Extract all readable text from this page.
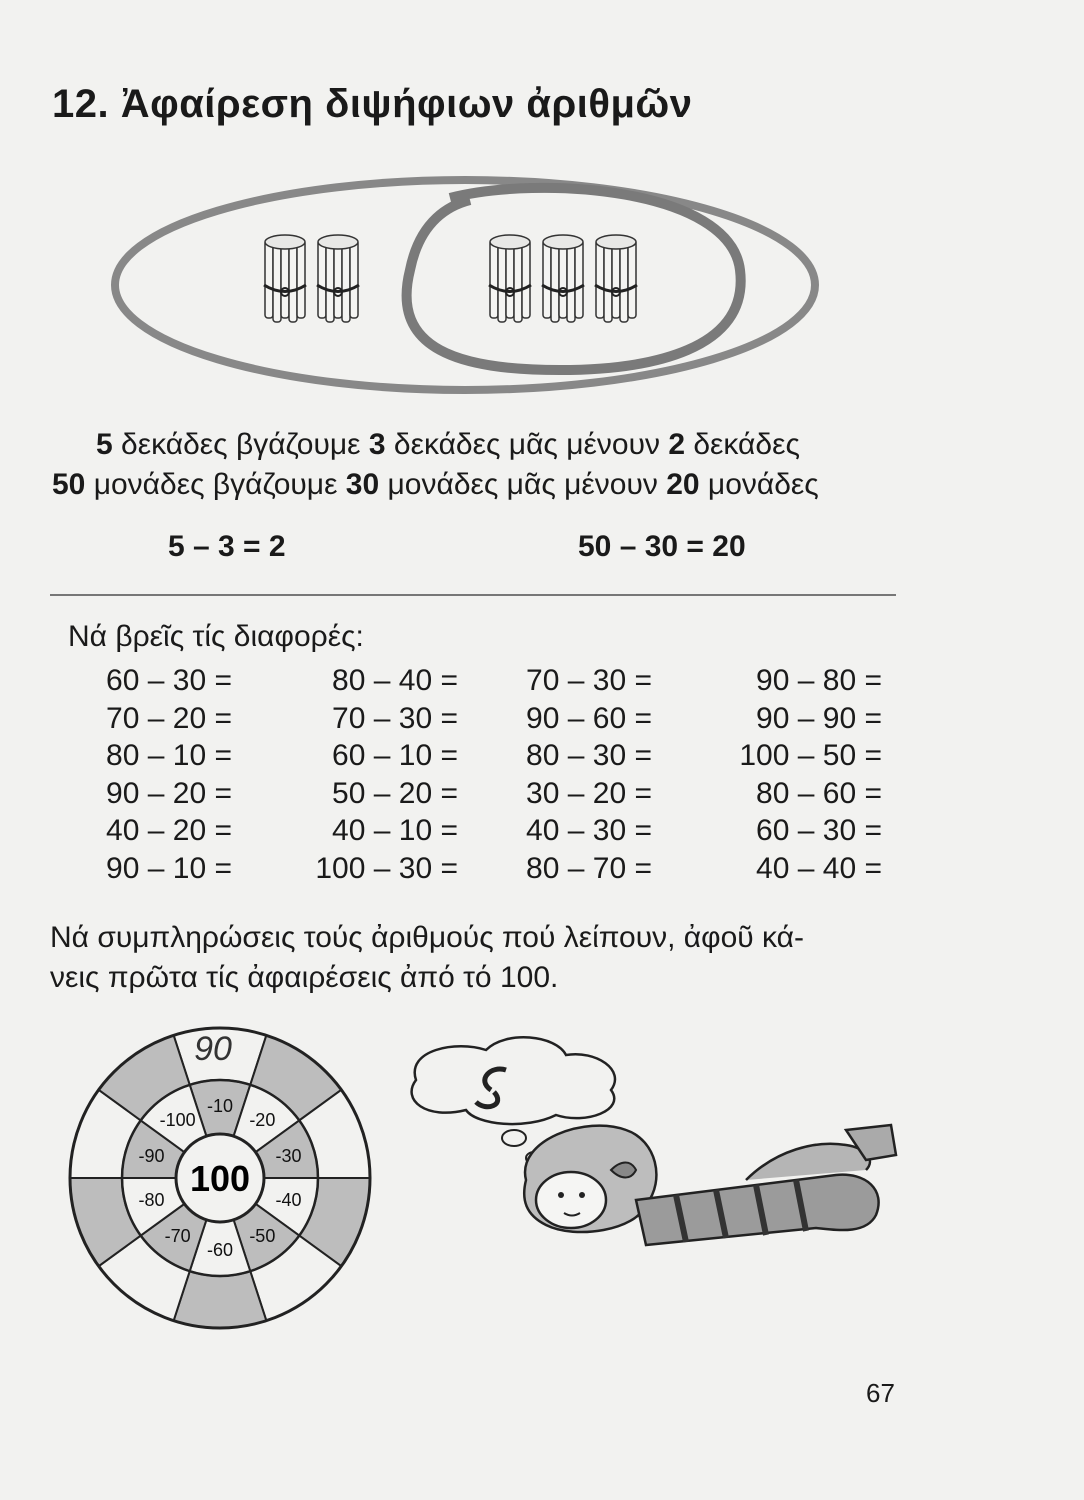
12. Ἀφαίρεση διψήφιων ἀριθμῶν
5 δεκάδες βγάζουμε 3 δεκάδες μᾶς μένουν 2 δεκάδες
50 μονάδες βγάζουμε 30 μονάδες μᾶς μένουν 20 μονάδες
5 – 3 = 2	50 – 30 = 20
Νά βρεῖς τίς διαφορές:
60 – 30 =
70 – 20 =
80 – 10 =
90 – 20 =
40 – 20 =
90 – 10 =
80 – 40 =
70 – 30 =
60 – 10 =
50 – 20 =
40 – 10 =
100 – 30 =
70 – 30 =
90 – 60 =
80 – 30 =
30 – 20 =
40 – 30 =
80 – 70 =
90 – 80 =
90 – 90 =
100 – 50 =
80 – 60 =
60 – 30 =
40 – 40 =
Νά συμπληρώσεις τούς ἀριθμούς πού λείπουν, ἀφοῦ κά-
νεις πρῶτα τίς ἀφαιρέσεις ἀπό τό 100.
100
-10
-20
-30
-40
-50
-60
-70
-80
-90
-100
90
67
